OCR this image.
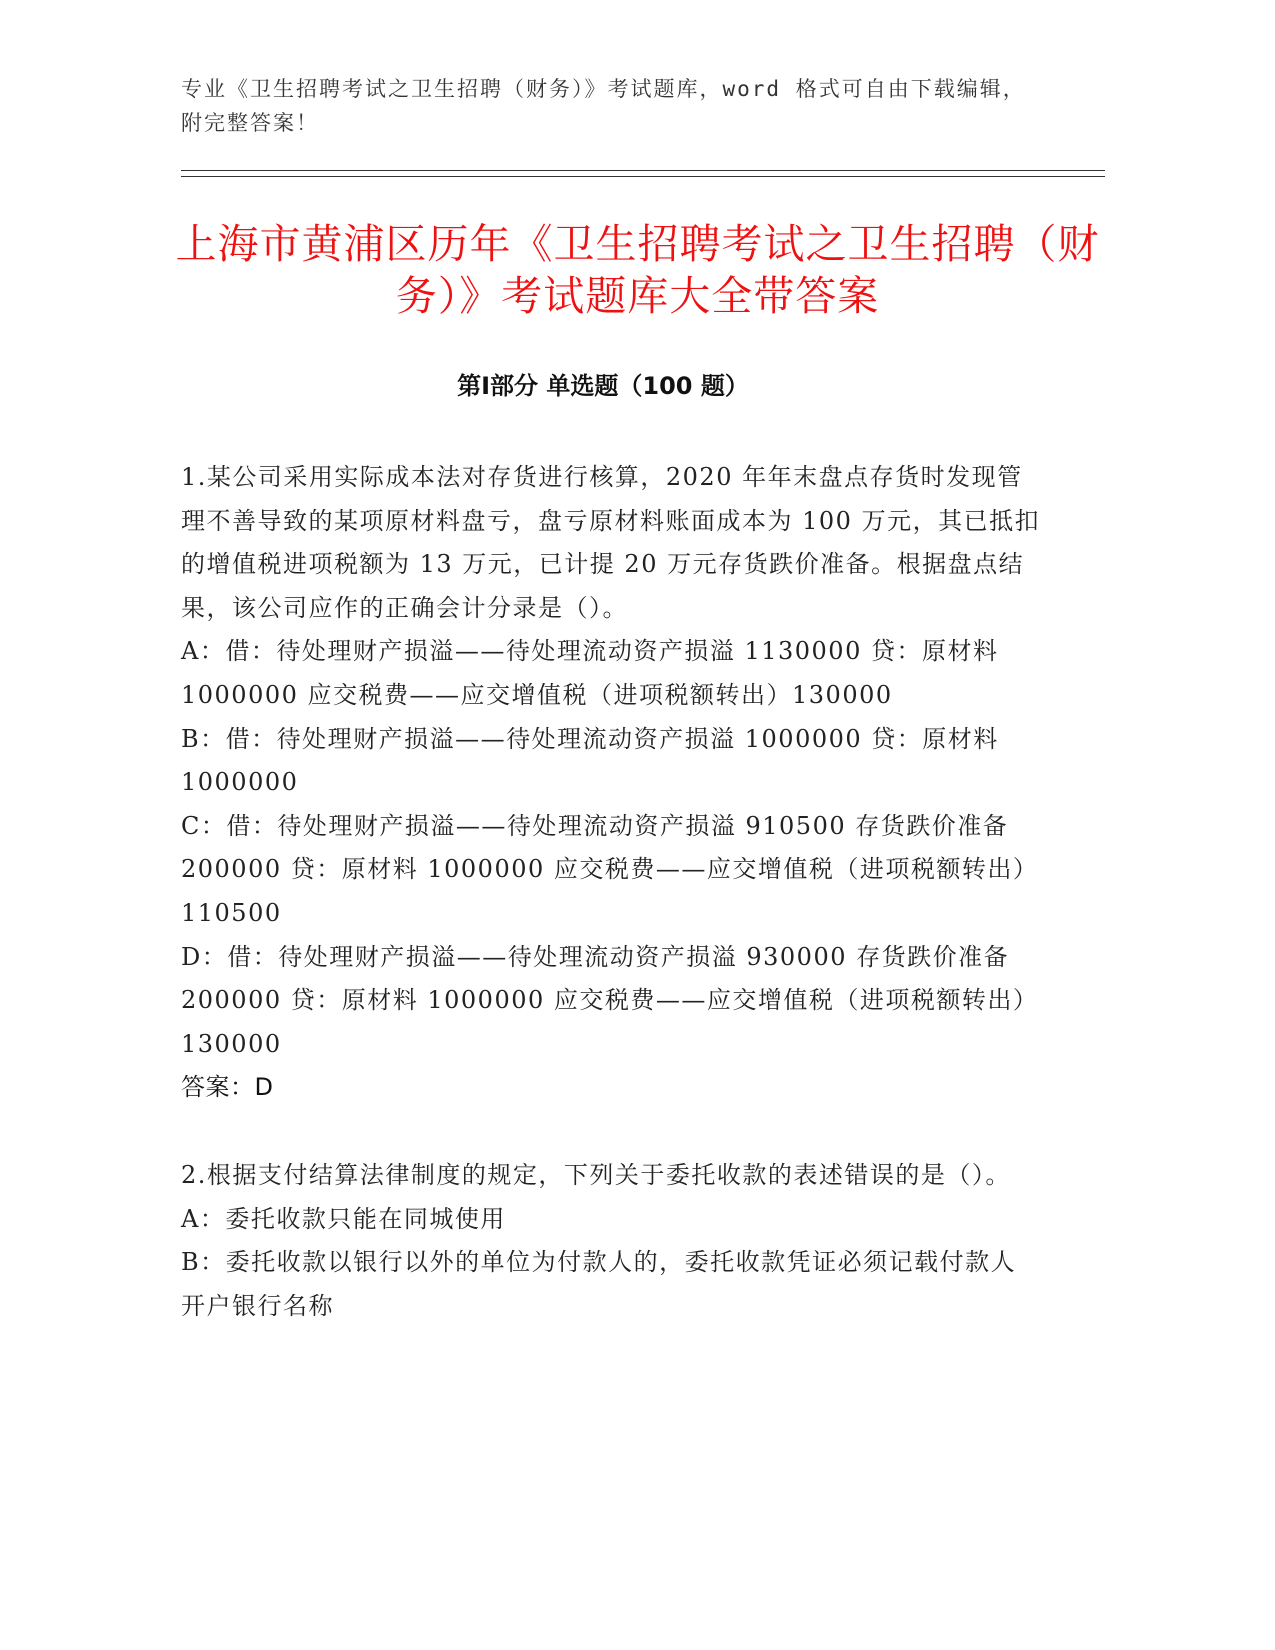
专业《卫生招聘考试之卫生招聘（财务）》考试题库，word 格式可自由下载编辑，附完整答案！
上海市黄浦区历年《卫生招聘考试之卫生招聘（财务）》考试题库大全带答案
第Ⅰ部分 单选题（100 题）

1.某公司采用实际成本法对存货进行核算，2020 年年末盘点存货时发现管理不善导致的某项原材料盘亏，盘亏原材料账面成本为 100 万元，其已抵扣的增值税进项税额为 13 万元，已计提 20 万元存货跌价准备。根据盘点结果，该公司应作的正确会计分录是（）。

A：借：待处理财产损溢——待处理流动资产损溢 1130000 贷：原材料 1000000 应交税费——应交增值税（进项税额转出）130000

B：借：待处理财产损溢——待处理流动资产损溢 1000000 贷：原材料 1000000

C：借：待处理财产损溢——待处理流动资产损溢 910500 存货跌价准备 200000 贷：原材料 1000000 应交税费——应交增值税（进项税额转出）110500

D：借：待处理财产损溢——待处理流动资产损溢 930000 存货跌价准备 200000 贷：原材料 1000000 应交税费——应交增值税（进项税额转出）130000

答案：D

2.根据支付结算法律制度的规定，下列关于委托收款的表述错误的是（）。

A：委托收款只能在同城使用

B：委托收款以银行以外的单位为付款人的，委托收款凭证必须记载付款人开户银行名称
